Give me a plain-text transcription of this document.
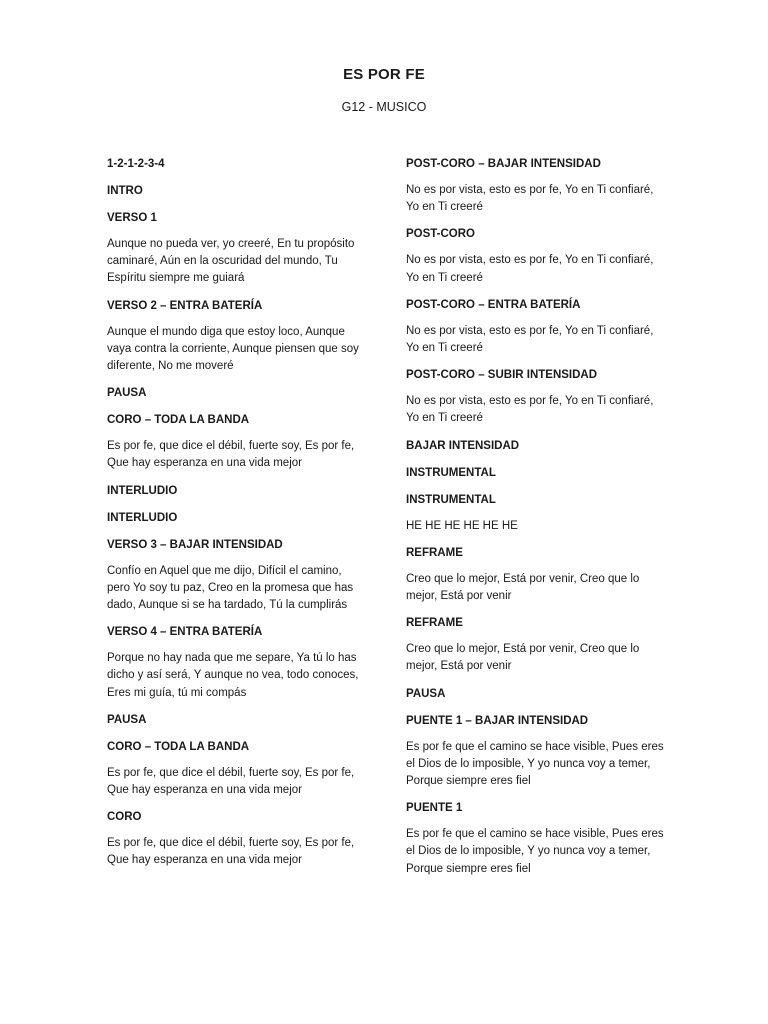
ES POR FE
G12 - MUSICO
1-2-1-2-3-4
INTRO
VERSO 1
Aunque no pueda ver, yo creeré, En tu propósito
caminaré, Aún en la oscuridad del mundo, Tu
Espíritu siempre me guiará
VERSO 2 – ENTRA BATERÍA
Aunque el mundo diga que estoy loco, Aunque
vaya contra la corriente, Aunque piensen que soy
diferente, No me moveré
PAUSA
CORO – TODA LA BANDA
Es por fe, que dice el débil, fuerte soy, Es por fe,
Que hay esperanza en una vida mejor
INTERLUDIO
INTERLUDIO
VERSO 3 – BAJAR INTENSIDAD
Confío en Aquel que me dijo, Difícil el camino,
pero Yo soy tu paz, Creo en la promesa que has
dado, Aunque si se ha tardado, Tú la cumplirás
VERSO 4 – ENTRA BATERÍA
Porque no hay nada que me separe, Ya tú lo has
dicho y así será, Y aunque no vea, todo conoces,
Eres mi guía, tú mi compás
PAUSA
CORO – TODA LA BANDA
Es por fe, que dice el débil, fuerte soy, Es por fe,
Que hay esperanza en una vida mejor
CORO
Es por fe, que dice el débil, fuerte soy, Es por fe,
Que hay esperanza en una vida mejor
POST-CORO – BAJAR INTENSIDAD
No es por vista, esto es por fe, Yo en Ti confiaré,
Yo en Ti creeré
POST-CORO
No es por vista, esto es por fe, Yo en Ti confiaré,
Yo en Ti creeré
POST-CORO – ENTRA BATERÍA
No es por vista, esto es por fe, Yo en Ti confiaré,
Yo en Ti creeré
POST-CORO – SUBIR INTENSIDAD
No es por vista, esto es por fe, Yo en Ti confiaré,
Yo en Ti creeré
BAJAR INTENSIDAD
INSTRUMENTAL
INSTRUMENTAL
HE HE HE HE HE HE
REFRAME
Creo que lo mejor, Está por venir, Creo que lo
mejor, Está por venir
REFRAME
Creo que lo mejor, Está por venir, Creo que lo
mejor, Está por venir
PAUSA
PUENTE 1 – BAJAR INTENSIDAD
Es por fe que el camino se hace visible, Pues eres
el Dios de lo imposible, Y yo nunca voy a temer,
Porque siempre eres fiel
PUENTE 1
Es por fe que el camino se hace visible, Pues eres
el Dios de lo imposible, Y yo nunca voy a temer,
Porque siempre eres fiel
